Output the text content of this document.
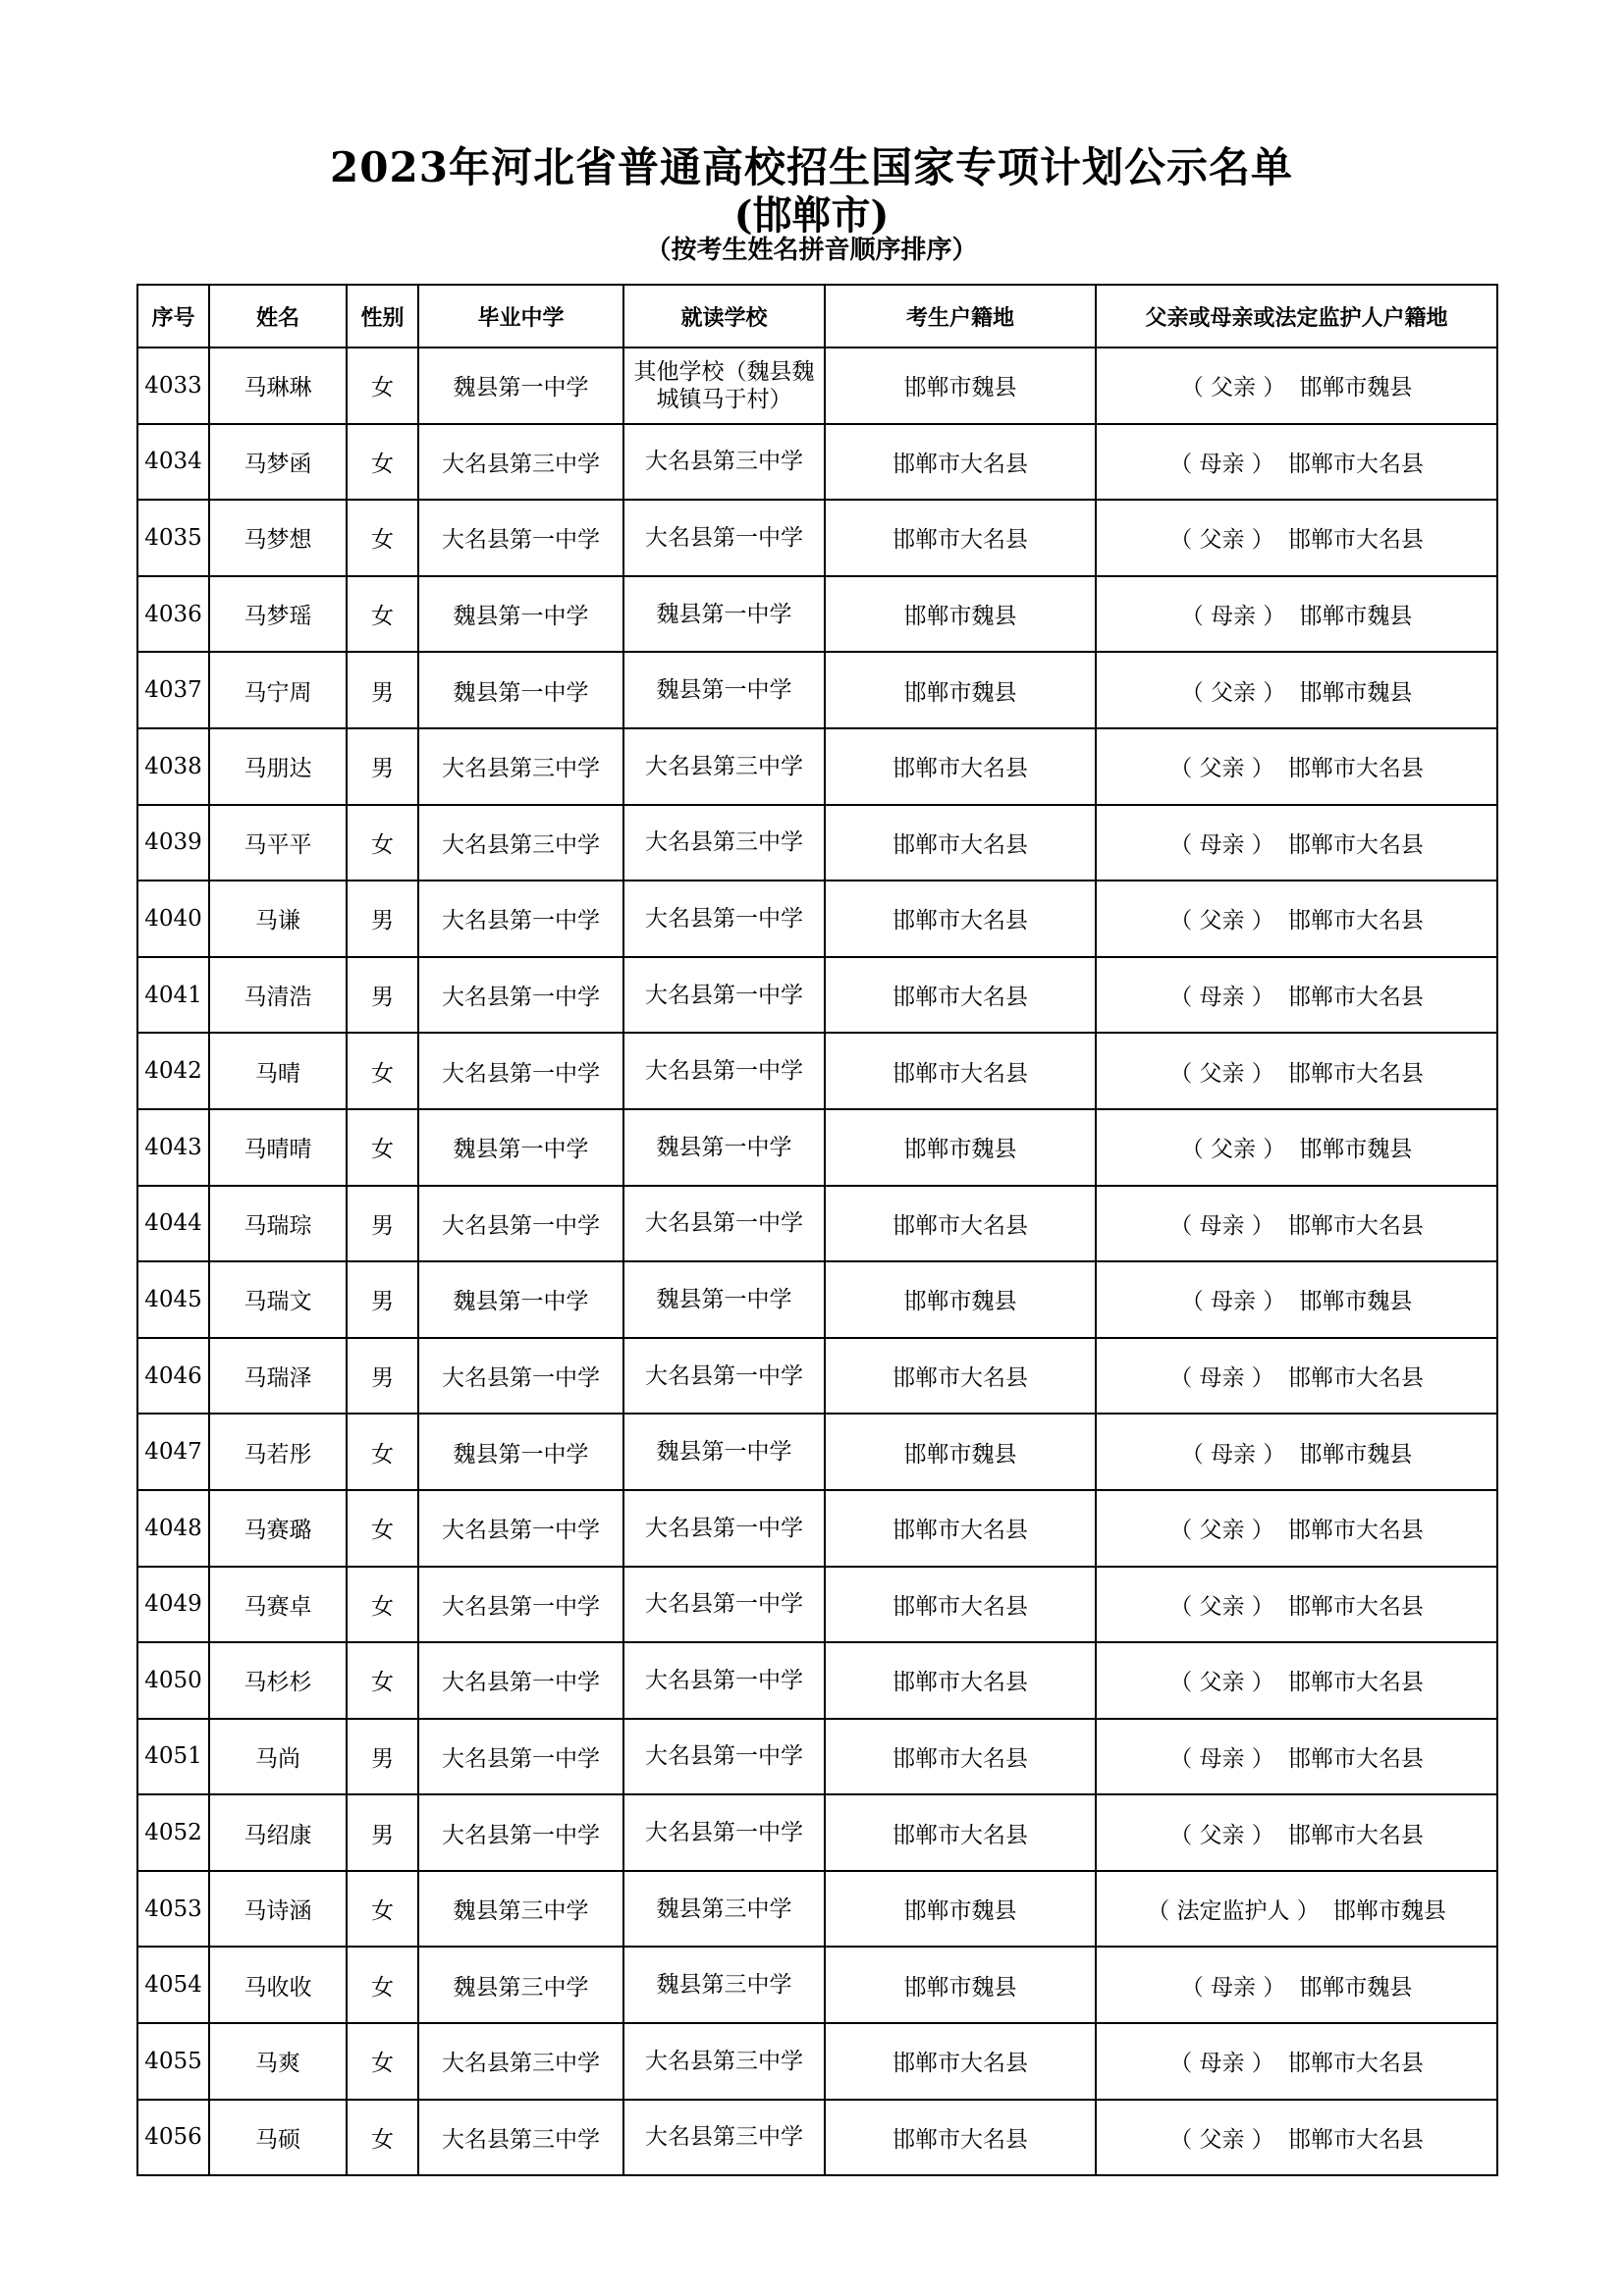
2023年河北省普通高校招生国家专项计划公示名单
(邯郸市)
（按考生姓名拼音顺序排序）
序号	姓名	性别	毕业中学	就读学校	考生户籍地	父亲或母亲或法定监护人户籍地
4033	马琳琳	女	魏县第一中学	其他学校（魏县魏城镇马于村）	邯郸市魏县	（ 父亲 ） 邯郸市魏县
4034	马梦函	女	大名县第三中学	大名县第三中学	邯郸市大名县	（ 母亲 ） 邯郸市大名县
4035	马梦想	女	大名县第一中学	大名县第一中学	邯郸市大名县	（ 父亲 ） 邯郸市大名县
4036	马梦瑶	女	魏县第一中学	魏县第一中学	邯郸市魏县	（ 母亲 ） 邯郸市魏县
4037	马宁周	男	魏县第一中学	魏县第一中学	邯郸市魏县	（ 父亲 ） 邯郸市魏县
4038	马朋达	男	大名县第三中学	大名县第三中学	邯郸市大名县	（ 父亲 ） 邯郸市大名县
4039	马平平	女	大名县第三中学	大名县第三中学	邯郸市大名县	（ 母亲 ） 邯郸市大名县
4040	马谦	男	大名县第一中学	大名县第一中学	邯郸市大名县	（ 父亲 ） 邯郸市大名县
4041	马清浩	男	大名县第一中学	大名县第一中学	邯郸市大名县	（ 母亲 ） 邯郸市大名县
4042	马晴	女	大名县第一中学	大名县第一中学	邯郸市大名县	（ 父亲 ） 邯郸市大名县
4043	马晴晴	女	魏县第一中学	魏县第一中学	邯郸市魏县	（ 父亲 ） 邯郸市魏县
4044	马瑞琮	男	大名县第一中学	大名县第一中学	邯郸市大名县	（ 母亲 ） 邯郸市大名县
4045	马瑞文	男	魏县第一中学	魏县第一中学	邯郸市魏县	（ 母亲 ） 邯郸市魏县
4046	马瑞泽	男	大名县第一中学	大名县第一中学	邯郸市大名县	（ 母亲 ） 邯郸市大名县
4047	马若彤	女	魏县第一中学	魏县第一中学	邯郸市魏县	（ 母亲 ） 邯郸市魏县
4048	马赛璐	女	大名县第一中学	大名县第一中学	邯郸市大名县	（ 父亲 ） 邯郸市大名县
4049	马赛卓	女	大名县第一中学	大名县第一中学	邯郸市大名县	（ 父亲 ） 邯郸市大名县
4050	马杉杉	女	大名县第一中学	大名县第一中学	邯郸市大名县	（ 父亲 ） 邯郸市大名县
4051	马尚	男	大名县第一中学	大名县第一中学	邯郸市大名县	（ 母亲 ） 邯郸市大名县
4052	马绍康	男	大名县第一中学	大名县第一中学	邯郸市大名县	（ 父亲 ） 邯郸市大名县
4053	马诗涵	女	魏县第三中学	魏县第三中学	邯郸市魏县	（ 法定监护人 ） 邯郸市魏县
4054	马收收	女	魏县第三中学	魏县第三中学	邯郸市魏县	（ 母亲 ） 邯郸市魏县
4055	马爽	女	大名县第三中学	大名县第三中学	邯郸市大名县	（ 母亲 ） 邯郸市大名县
4056	马硕	女	大名县第三中学	大名县第三中学	邯郸市大名县	（ 父亲 ） 邯郸市大名县
